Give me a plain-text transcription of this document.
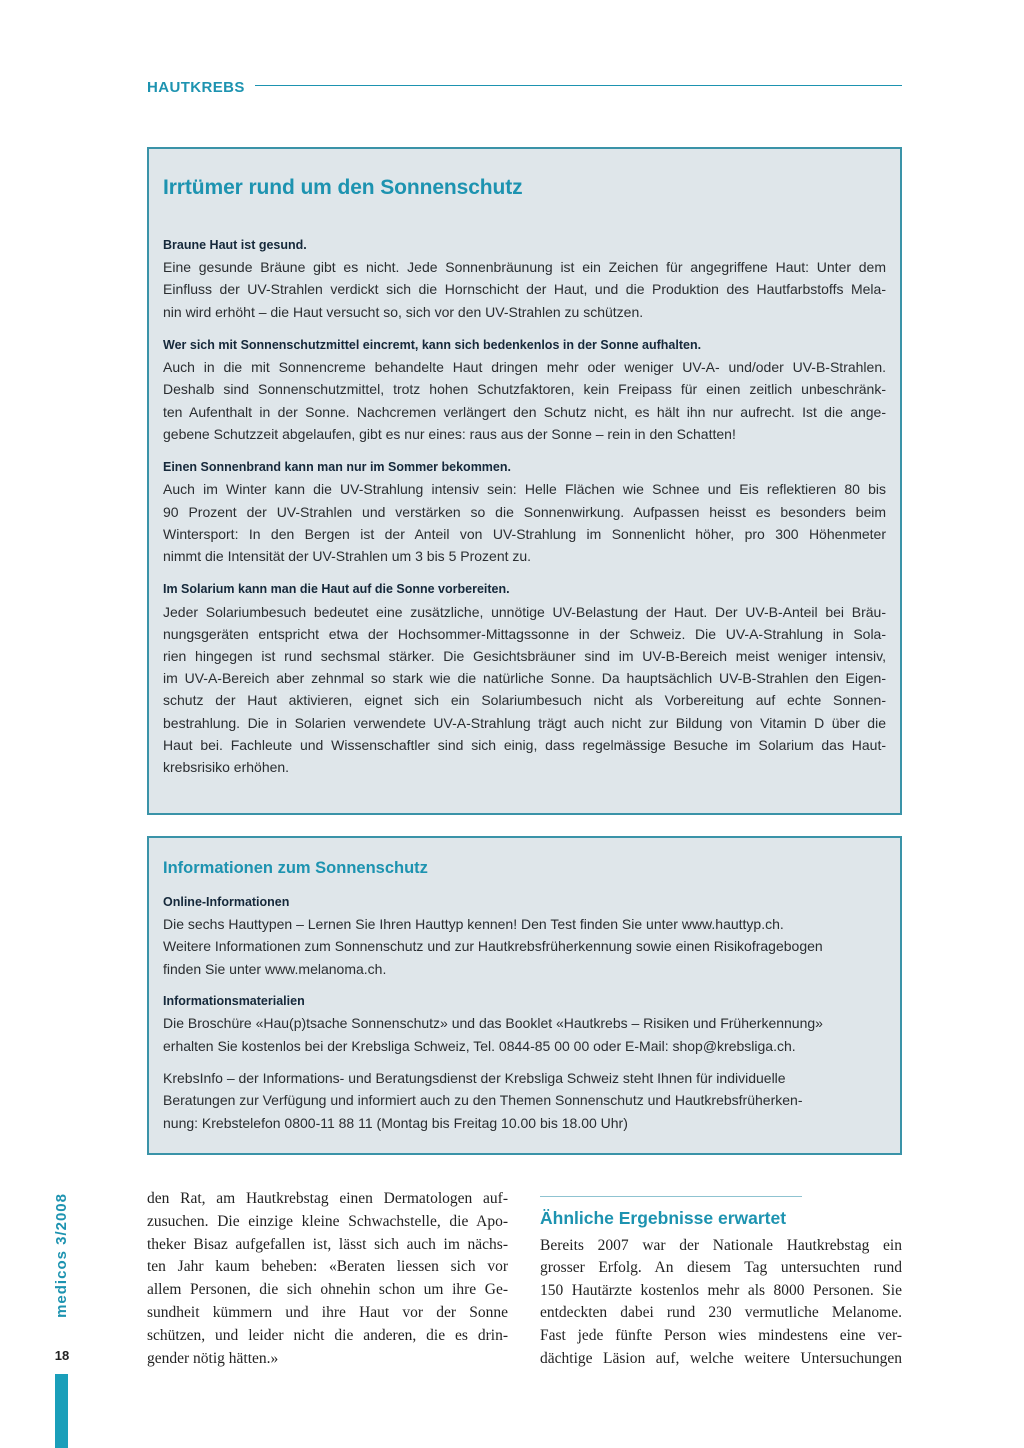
HAUTKREBS
Irrtümer rund um den Sonnenschutz
Braune Haut ist gesund.
Eine gesunde Bräune gibt es nicht. Jede Sonnenbräunung ist ein Zeichen für angegriffene Haut: Unter dem
Einfluss der UV-Strahlen verdickt sich die Hornschicht der Haut, und die Produktion des Hautfarbstoffs Mela-
nin wird erhöht – die Haut versucht so, sich vor den UV-Strahlen zu schützen.
Wer sich mit Sonnenschutzmittel eincremt, kann sich bedenkenlos in der Sonne aufhalten.
Auch in die mit Sonnencreme behandelte Haut dringen mehr oder weniger UV-A- und/oder UV-B-Strahlen.
Deshalb sind Sonnenschutzmittel, trotz hohen Schutzfaktoren, kein Freipass für einen zeitlich unbeschränk-
ten Aufenthalt in der Sonne. Nachcremen verlängert den Schutz nicht, es hält ihn nur aufrecht. Ist die ange-
gebene Schutzzeit abgelaufen, gibt es nur eines: raus aus der Sonne – rein in den Schatten!
Einen Sonnenbrand kann man nur im Sommer bekommen.
Auch im Winter kann die UV-Strahlung intensiv sein: Helle Flächen wie Schnee und Eis reflektieren 80 bis
90 Prozent der UV-Strahlen und verstärken so die Sonnenwirkung. Aufpassen heisst es besonders beim
Wintersport: In den Bergen ist der Anteil von UV-Strahlung im Sonnenlicht höher, pro 300 Höhenmeter
nimmt die Intensität der UV-Strahlen um 3 bis 5 Prozent zu.
Im Solarium kann man die Haut auf die Sonne vorbereiten.
Jeder Solariumbesuch bedeutet eine zusätzliche, unnötige UV-Belastung der Haut. Der UV-B-Anteil bei Bräu-
nungsgeräten entspricht etwa der Hochsommer-Mittagssonne in der Schweiz. Die UV-A-Strahlung in Sola-
rien hingegen ist rund sechsmal stärker. Die Gesichtsbräuner sind im UV-B-Bereich meist weniger intensiv,
im UV-A-Bereich aber zehnmal so stark wie die natürliche Sonne. Da hauptsächlich UV-B-Strahlen den Eigen-
schutz der Haut aktivieren, eignet sich ein Solariumbesuch nicht als Vorbereitung auf echte Sonnen-
bestrahlung. Die in Solarien verwendete UV-A-Strahlung trägt auch nicht zur Bildung von Vitamin D über die
Haut bei. Fachleute und Wissenschaftler sind sich einig, dass regelmässige Besuche im Solarium das Haut-
krebsrisiko erhöhen.
Informationen zum Sonnenschutz
Online-Informationen
Die sechs Hauttypen – Lernen Sie Ihren Hauttyp kennen! Den Test finden Sie unter www.hauttyp.ch.
Weitere Informationen zum Sonnenschutz und zur Hautkrebsfrüherkennung sowie einen Risikofragebogen
finden Sie unter www.melanoma.ch.
Informationsmaterialien
Die Broschüre «Hau(p)tsache Sonnenschutz» und das Booklet «Hautkrebs – Risiken und Früherkennung»
erhalten Sie kostenlos bei der Krebsliga Schweiz, Tel. 0844-85 00 00 oder E-Mail: shop@krebsliga.ch.
KrebsInfo – der Informations- und Beratungsdienst der Krebsliga Schweiz steht Ihnen für individuelle
Beratungen zur Verfügung und informiert auch zu den Themen Sonnenschutz und Hautkrebsfrüherken-
nung: Krebstelefon 0800-11 88 11 (Montag bis Freitag 10.00 bis 18.00 Uhr)
den Rat, am Hautkrebstag einen Dermatologen auf-
zusuchen. Die einzige kleine Schwachstelle, die Apo-
theker Bisaz aufgefallen ist, lässt sich auch im nächs-
ten Jahr kaum beheben: «Beraten liessen sich vor
allem Personen, die sich ohnehin schon um ihre Ge-
sundheit kümmern und ihre Haut vor der Sonne
schützen, und leider nicht die anderen, die es drin-
gender nötig hätten.»
Ähnliche Ergebnisse erwartet
Bereits 2007 war der Nationale Hautkrebstag ein
grosser Erfolg. An diesem Tag untersuchten rund
150 Hautärzte kostenlos mehr als 8000 Personen. Sie
entdeckten dabei rund 230 vermutliche Melanome.
Fast jede fünfte Person wies mindestens eine ver-
dächtige Läsion auf, welche weitere Untersuchungen
medicos 3/2008
18
